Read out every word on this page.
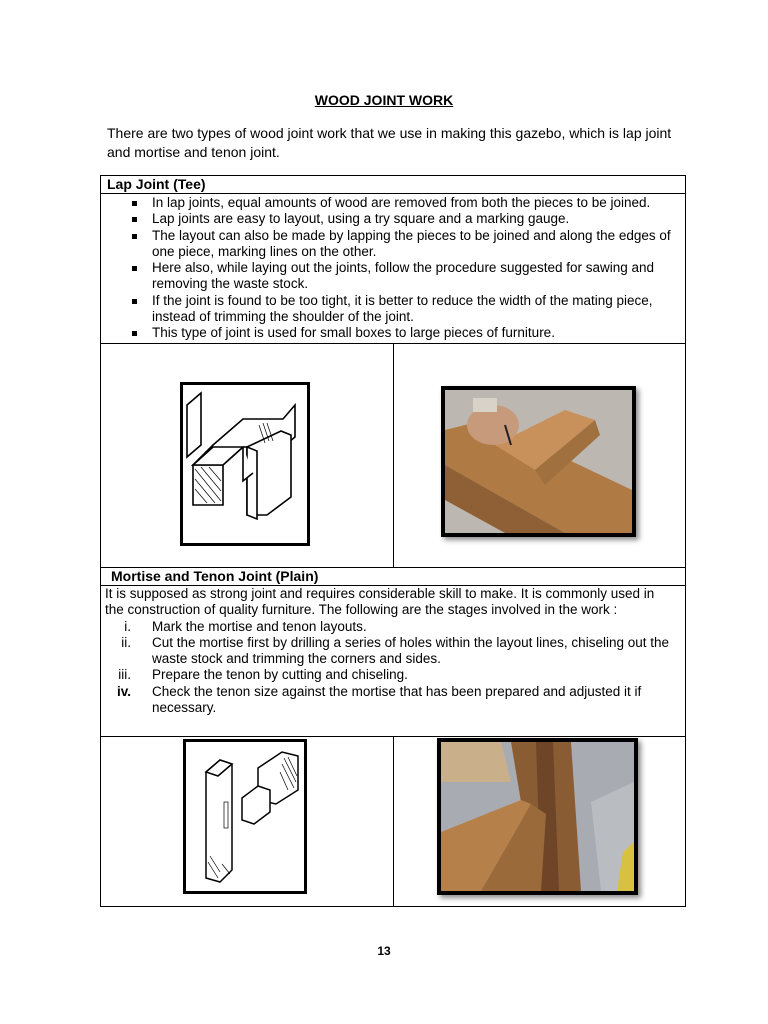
WOOD JOINT WORK
There are two types of wood joint work that we use in making this gazebo, which is lap joint and mortise and tenon joint.
Lap Joint (Tee)
In lap joints, equal amounts of wood are removed from both the pieces to be joined.
Lap joints are easy to layout, using a try square and a marking gauge.
The layout can also be made by lapping the pieces to be joined and along the edges of one piece, marking lines on the other.
Here also, while laying out the joints, follow the procedure suggested for sawing and removing the waste stock.
If the joint is found to be too tight, it is better to reduce the width of the mating piece, instead of trimming the shoulder of the joint.
This type of joint is used for small boxes to large pieces of furniture.
Mortise and Tenon Joint (Plain)
It is supposed as strong joint and requires considerable skill to make. It is commonly used in the construction of quality furniture. The following are the stages involved in the work :
i. Mark the mortise and tenon layouts.
ii. Cut the mortise first by drilling a series of holes within the layout lines, chiseling out the waste stock and trimming the corners and sides.
iii. Prepare the tenon by cutting and chiseling.
iv. Check the tenon size against the mortise that has been prepared and adjusted it if necessary.
13
